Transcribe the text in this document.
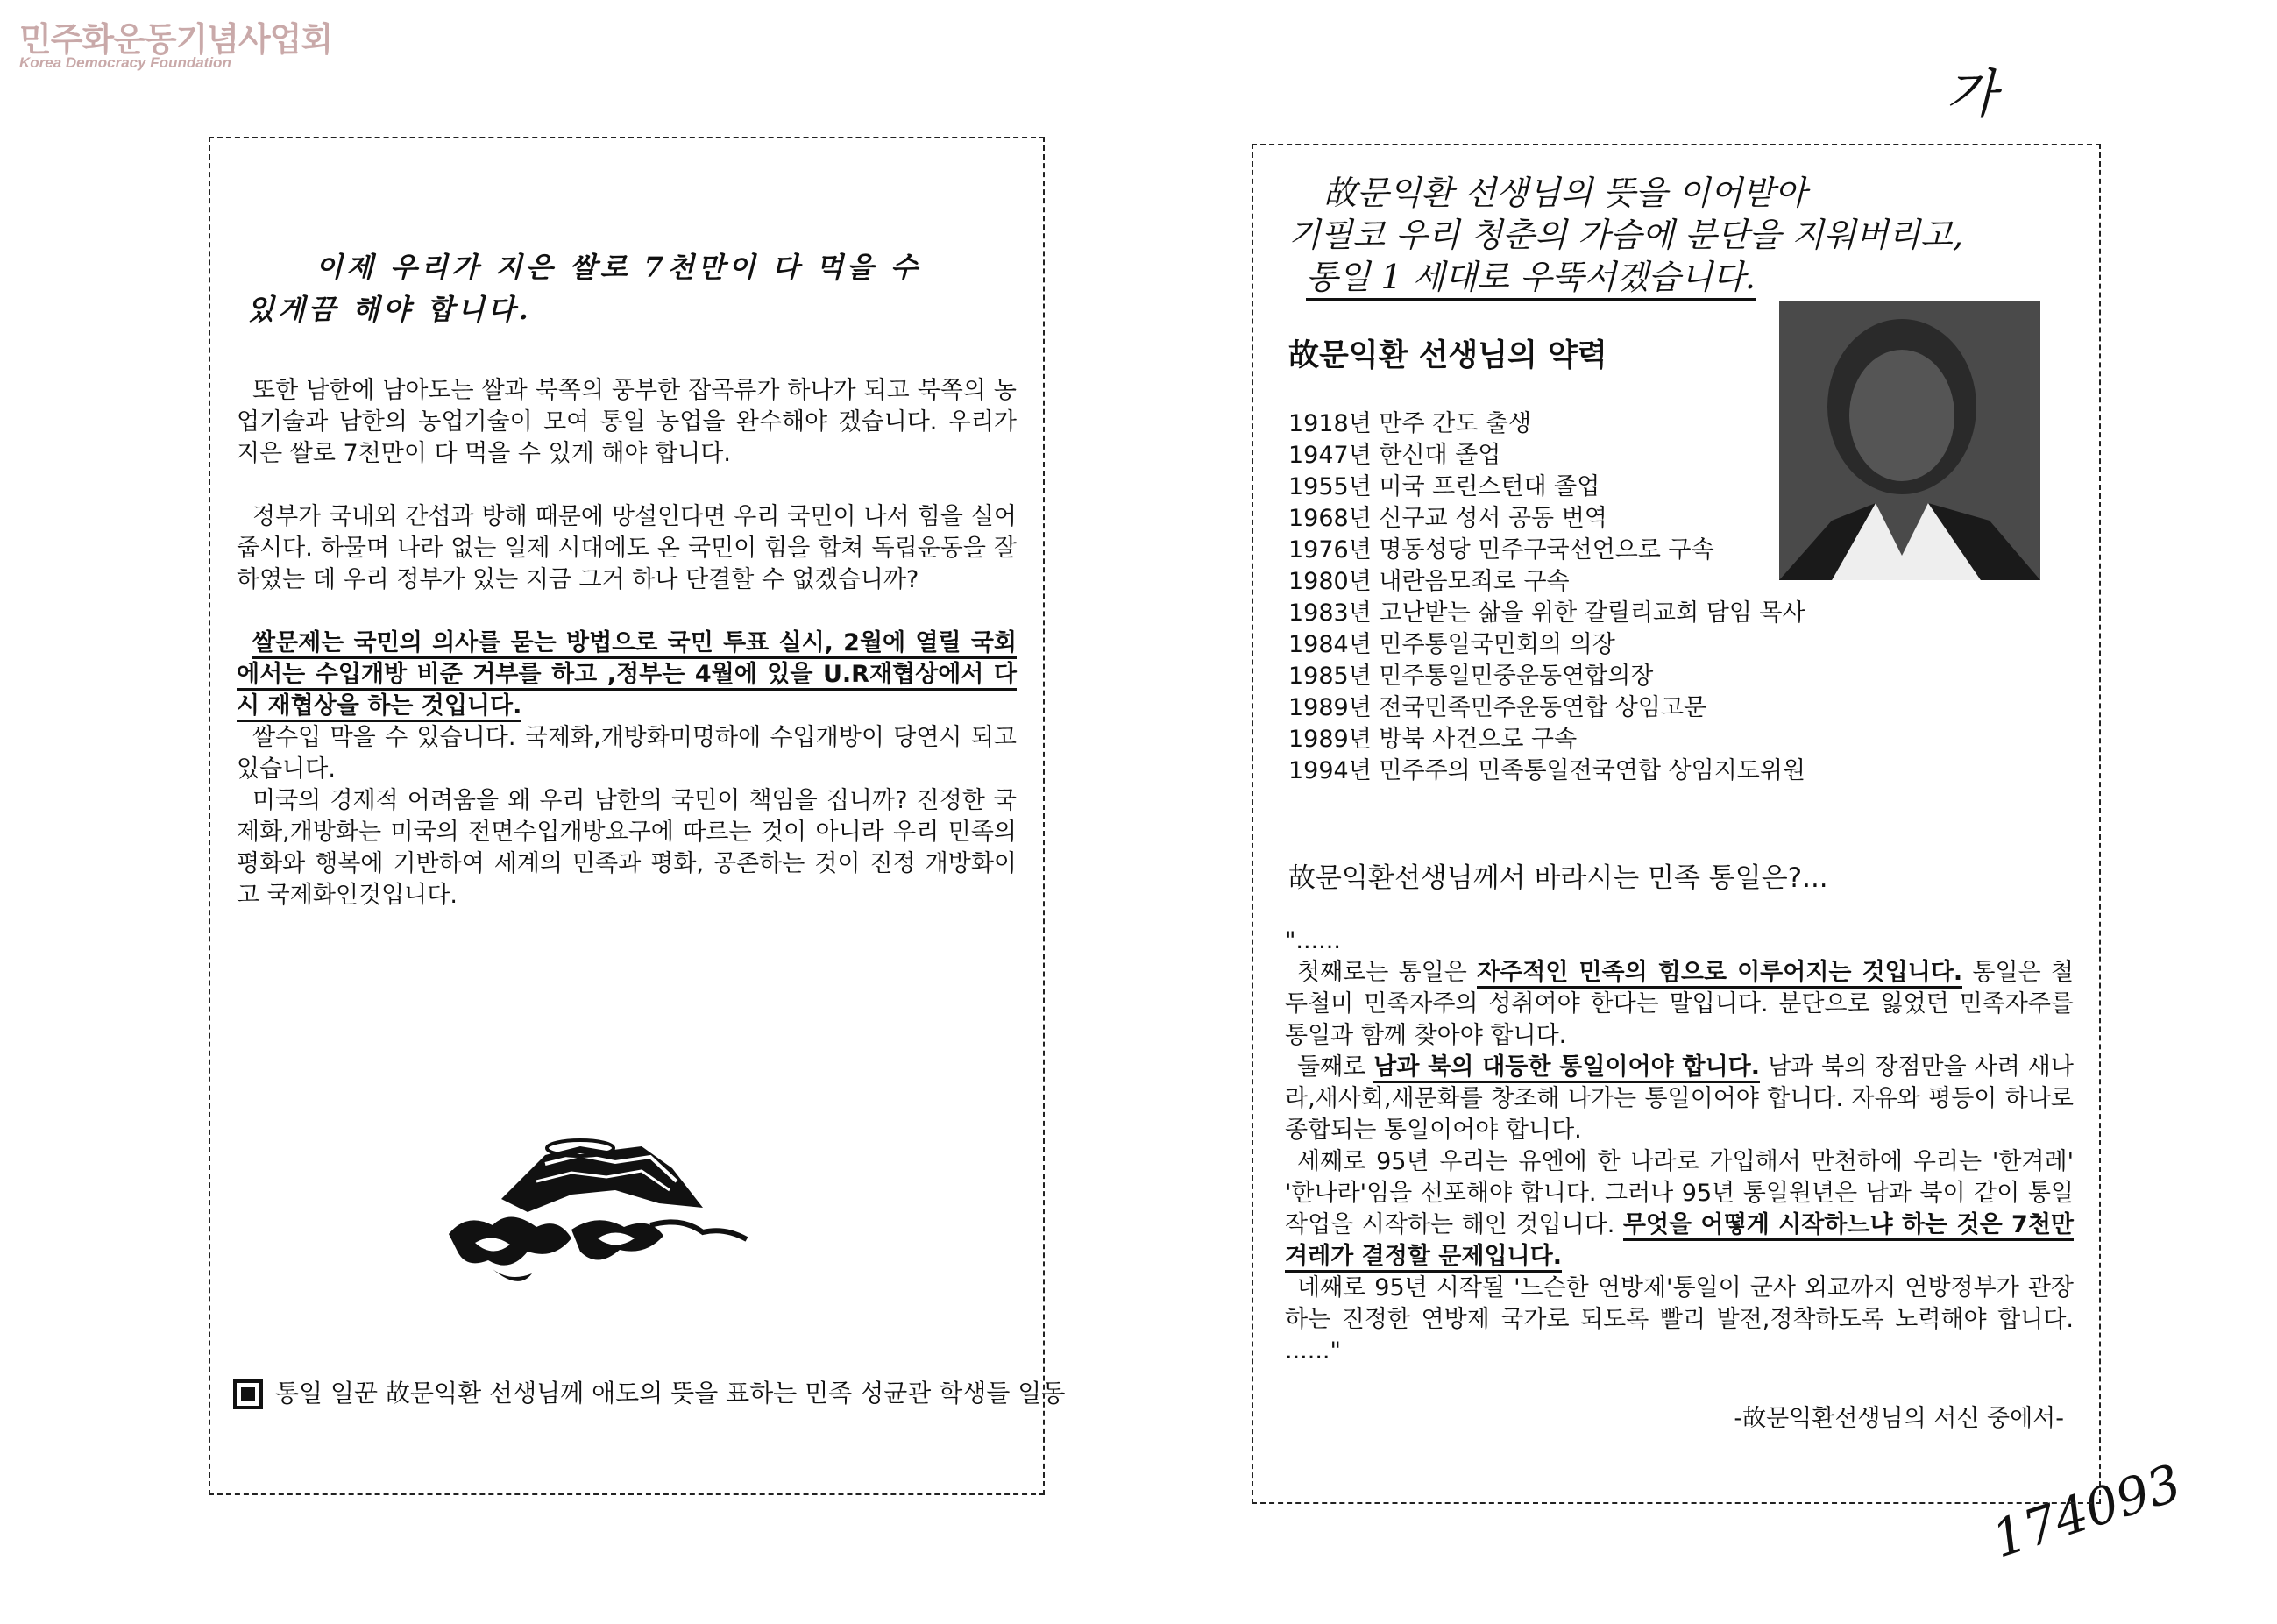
민주화운동기념사업회
Korea Democracy Foundation
가
174093
이제 우리가 지은 쌀로 7천만이 다 먹을 수
있게끔 해야 합니다.
또한 남한에 남아도는 쌀과 북쪽의 풍부한 잡곡류가 하나가 되고 북쪽의 농업기술과 남한의 농업기술이 모여 통일 농업을 완수해야 겠습니다. 우리가 지은 쌀로 7천만이 다 먹을 수 있게 해야 합니다.
정부가 국내외 간섭과 방해 때문에 망설인다면 우리 국민이 나서 힘을 실어 줍시다. 하물며 나라 없는 일제 시대에도 온 국민이 힘을 합쳐 독립운동을 잘 하였는 데 우리 정부가 있는 지금 그거 하나 단결할 수 없겠습니까?
쌀문제는 국민의 의사를 묻는 방법으로 국민 투표 실시, 2월에 열릴 국회에서는 수입개방 비준 거부를 하고 ,정부는 4월에 있을 U.R재협상에서 다시 재협상을 하는 것입니다.
쌀수입 막을 수 있습니다. 국제화,개방화미명하에 수입개방이 당연시 되고 있습니다.
미국의 경제적 어려움을 왜 우리 남한의 국민이 책임을 집니까? 진정한 국제화,개방화는 미국의 전면수입개방요구에 따르는 것이 아니라 우리 민족의 평화와 행복에 기반하여 세계의 민족과 평화, 공존하는 것이 진정 개방화이고 국제화인것입니다.
통일 일꾼 故문익환 선생님께 애도의 뜻을 표하는 민족 성균관 학생들 일동
故문익환 선생님의 뜻을 이어받아
기필코 우리 청춘의 가슴에 분단을 지워버리고,
통일 1 세대로 우뚝서겠습니다.
故문익환 선생님의 약력
1918년 만주 간도 출생
1947년 한신대 졸업
1955년 미국 프린스턴대 졸업
1968년 신구교 성서 공동 번역
1976년 명동성당 민주구국선언으로 구속
1980년 내란음모죄로 구속
1983년 고난받는 삶을 위한 갈릴리교회 담임 목사
1984년 민주통일국민회의 의장
1985년 민주통일민중운동연합의장
1989년 전국민족민주운동연합 상임고문
1989년 방북 사건으로 구속
1994년 민주주의 민족통일전국연합 상임지도위원
故문익환선생님께서 바라시는 민족 통일은?...

"......

첫째로는 통일은 자주적인 민족의 힘으로 이루어지는 것입니다. 통일은 철두철미 민족자주의 성취여야 한다는 말입니다. 분단으로 잃었던 민족자주를 통일과 함께 찾아야 합니다.

둘째로 남과 북의 대등한 통일이어야 합니다. 남과 북의 장점만을 사려 새나라,새사회,새문화를 창조해 나가는 통일이어야 합니다. 자유와 평등이 하나로 종합되는 통일이어야 합니다.

세째로 95년 우리는 유엔에 한 나라로 가입해서 만천하에 우리는 '한겨레' '한나라'임을 선포해야 합니다. 그러나 95년 통일원년은 남과 북이 같이 통일작업을 시작하는 해인 것입니다. 무엇을 어떻게 시작하느냐 하는 것은 7천만 겨레가 결정할 문제입니다.

네째로 95년 시작될 '느슨한 연방제'통일이 군사 외교까지 연방정부가 관장하는 진정한 연방제 국가로 되도록 빨리 발전,정착하도록 노력해야 합니다. ......"

-故문익환선생님의 서신 중에서-
